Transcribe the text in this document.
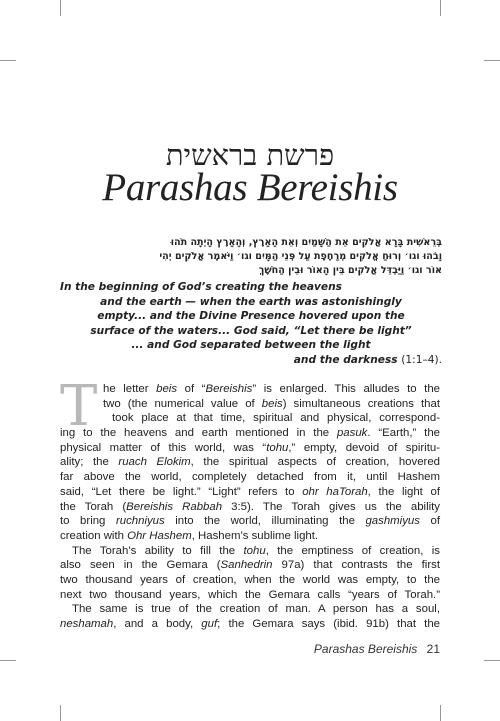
פרשת בראשית
Parashas Bereishis

בְּרֵאשִׁית בָּרָא אֱלֹקִים אֵת הַשָּׁמַיִם וְאֵת הָאָרֶץ, וְהָאָרֶץ הָיְתָה תֹהוּ

וָבֹהוּ וגו׳ וְרוּחַ אֱלֹקִים מְרַחֶפֶת עַל פְּנֵי הַמָּיִם וגו׳ וַיֹּאמֶר אֱלֹקִים יְהִי

אוֹר וגו׳ וַיַּבְדֵּל אֱלֹקִים בֵּין הָאוֹר וּבֵין הַחֹשֶׁךְ

In the beginning of God’s creating the heavens
and the earth — when the earth was astonishingly
empty... and the Divine Presence hovered upon the
surface of the waters... God said, “Let there be light”
... and God separated between the light
and the darkness (1:1–4).
T he letter beis of “Bereishis” is enlarged. This alludes to the
two (the numerical value of beis) simultaneous creations that
took place at that time, spiritual and physical, correspond-
ing to the heavens and earth mentioned in the pasuk. “Earth,” the
physical matter of this world, was “tohu,” empty, devoid of spiritu-
ality; the ruach Elokim, the spiritual aspects of creation, hovered
far above the world, completely detached from it, until Hashem
said, “Let there be light.” “Light” refers to ohr haTorah, the light of
the Torah (Bereishis Rabbah 3:5). The Torah gives us the ability
to bring ruchniyus into the world, illuminating the gashmiyus of
creation with Ohr Hashem, Hashem’s sublime light.
The Torah’s ability to fill the tohu, the emptiness of creation, is
also seen in the Gemara (Sanhedrin 97a) that contrasts the first
two thousand years of creation, when the world was empty, to the
next two thousand years, which the Gemara calls “years of Torah.”
The same is true of the creation of man. A person has a soul,
neshamah, and a body, guf; the Gemara says (ibid. 91b) that the
Parashas Bereishis 21
